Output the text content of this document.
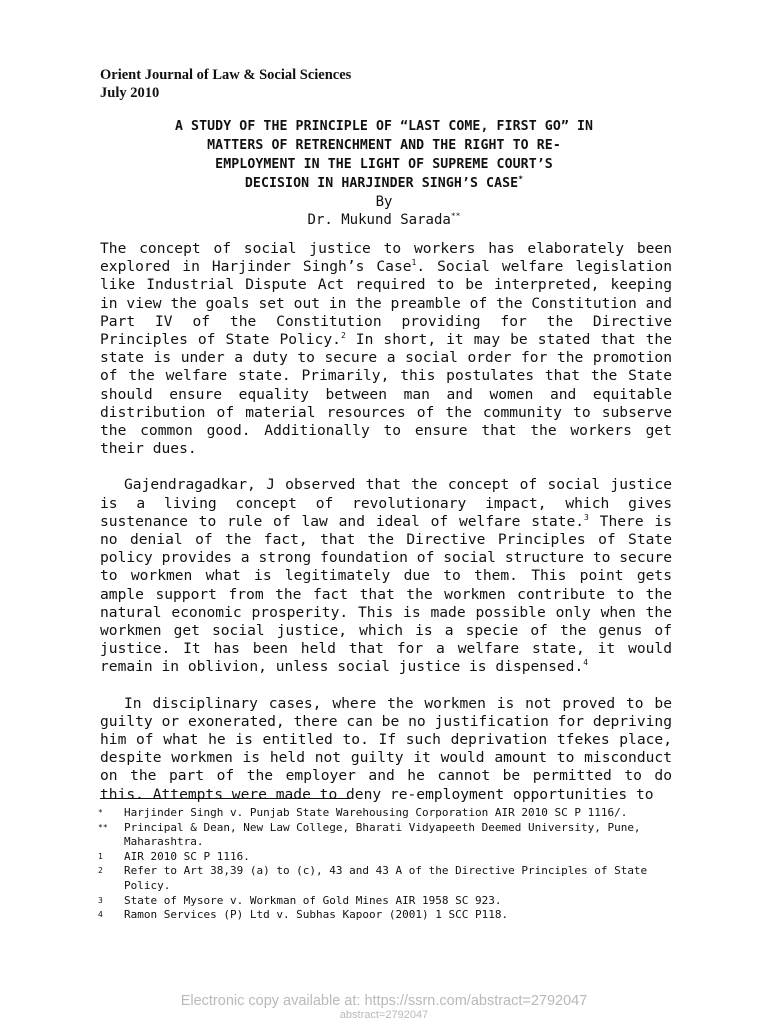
Orient Journal of Law & Social Sciences
July 2010
A STUDY OF THE PRINCIPLE OF “LAST COME, FIRST GO” IN
MATTERS OF RETRENCHMENT AND THE RIGHT TO RE-
EMPLOYMENT IN THE LIGHT OF SUPREME COURT’S
DECISION IN HARJINDER SINGH’S CASE*
By
Dr. Mukund Sarada**

The concept of social justice to workers has elaborately been explored in Harjinder Singh’s Case$^1$. Social welfare legislation like Industrial Dispute Act required to be interpreted, keeping in view the goals set out in the preamble of the Constitution and Part IV of the Constitution providing for the Directive Principles of State Policy.$^2$ In short, it may be stated that the state is under a duty to secure a social order for the promotion of the welfare state. Primarily, this postulates that the State should ensure equality between man and women and equitable distribution of material resources of the community to subserve the common good. Additionally to ensure that the workers get their dues.

Gajendragadkar, J observed that the concept of social justice is a living concept of revolutionary impact, which gives sustenance to rule of law and ideal of welfare state.$^3$ There is no denial of the fact, that the Directive Principles of State policy provides a strong foundation of social structure to secure to workmen what is legitimately due to them. This point gets ample support from the fact that the workmen contribute to the natural economic prosperity. This is made possible only when the workmen get social justice, which is a specie of the genus of justice. It has been held that for a welfare state, it would remain in oblivion, unless social justice is dispensed.$^4$

In disciplinary cases, where the workmen is not proved to be guilty or exonerated, there can be no justification for depriving him of what he is entitled to. If such deprivation tfekes place, despite workmen is held not guilty it would amount to misconduct on the part of the employer and he cannot be permitted to do this. Attempts were made to deny re-employment opportunities to

*	Harjinder Singh v. Punjab State Warehousing Corporation AIR 2010 SC P 1116/.
**	Principal & Dean, New Law College, Bharati Vidyapeeth Deemed University, Pune, Maharashtra.
1	AIR 2010 SC P 1116.
2	Refer to Art 38,39 (a) to (c), 43 and 43 A of the Directive Principles of State Policy.
3	State of Mysore v. Workman of Gold Mines AIR 1958 SC 923.
4	Ramon Services (P) Ltd v. Subhas Kapoor (2001) 1 SCC P118.
Electronic copy available at: https://ssrn.com/abstract=2792047
abstract=2792047
